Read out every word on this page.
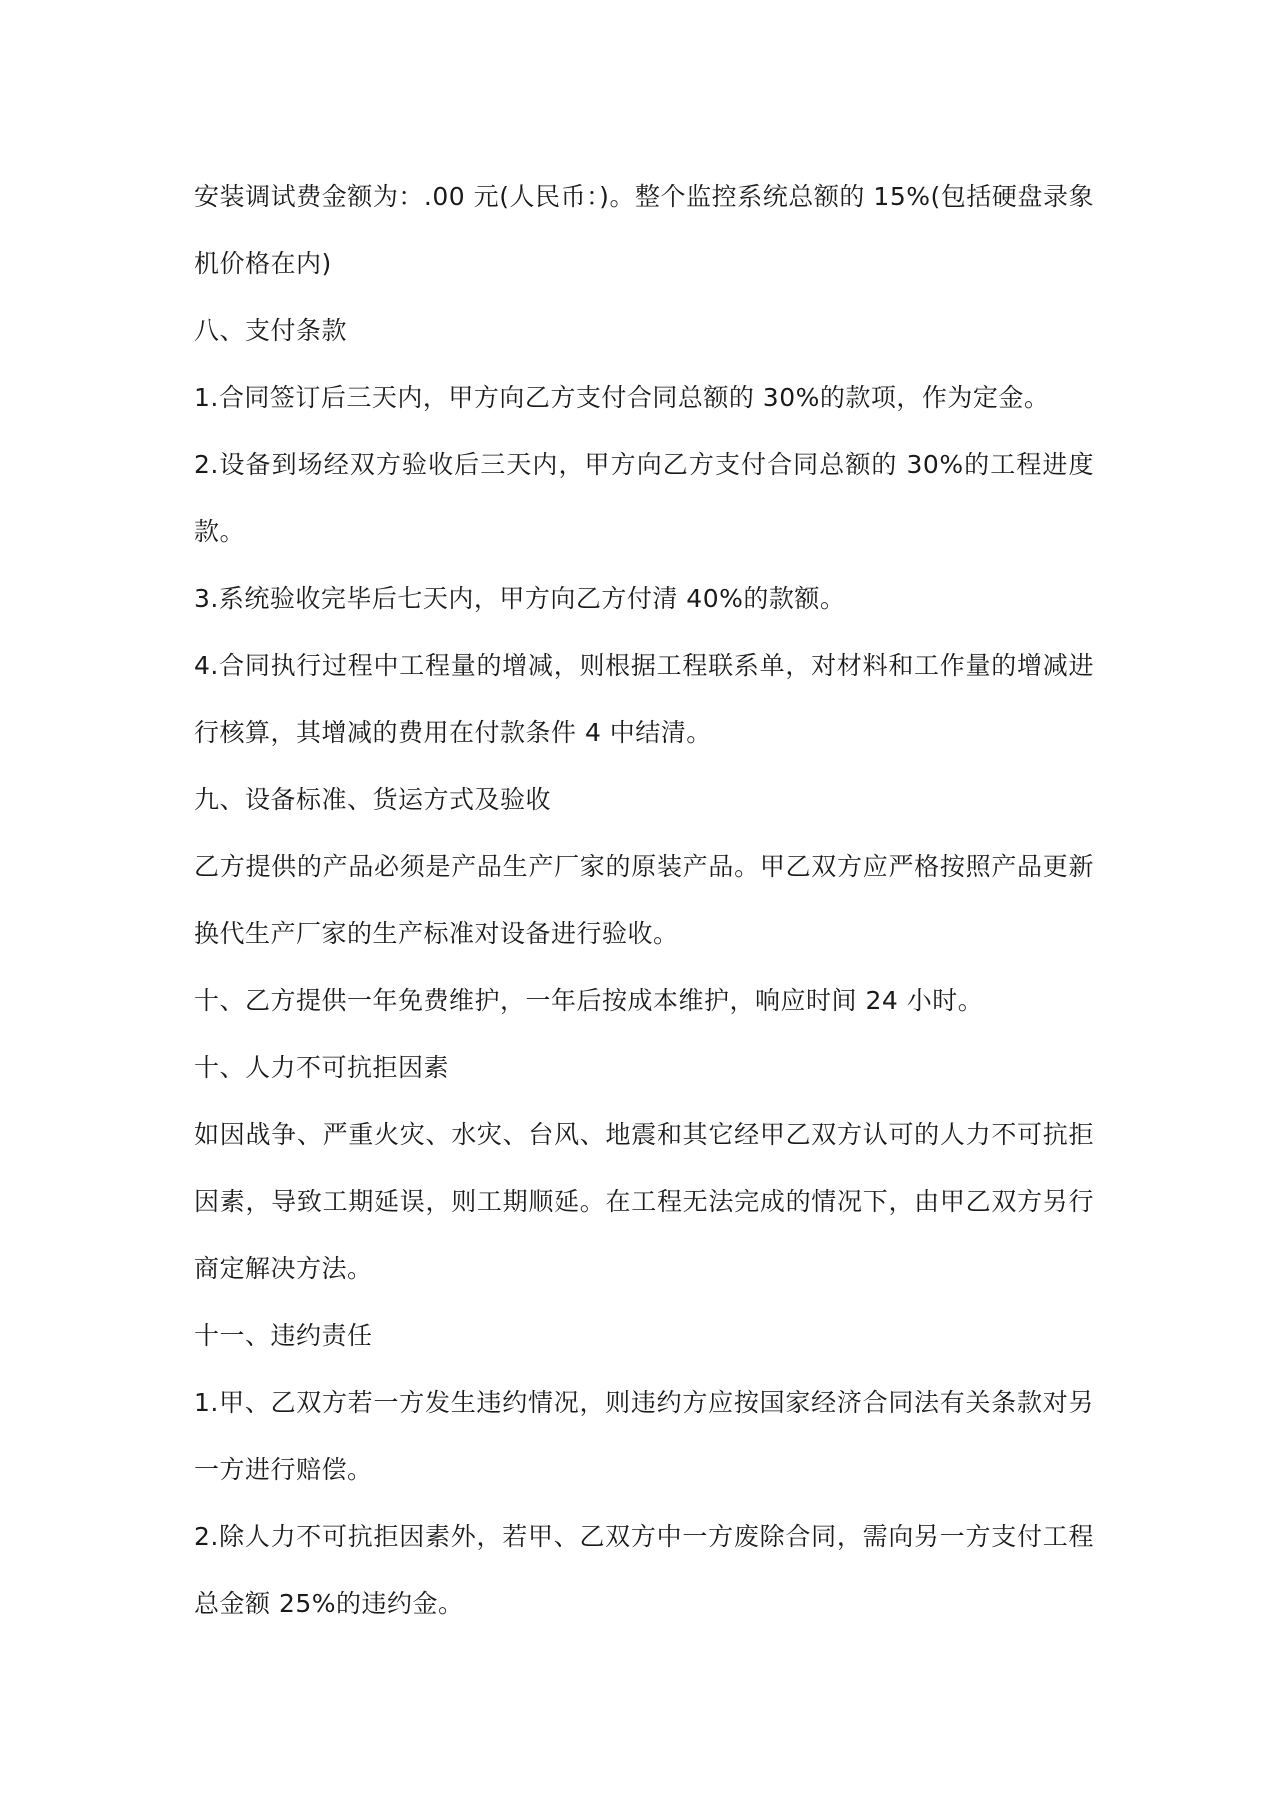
安装调试费金额为：.00 元(人民币：)。整个监控系统总额的 15%(包括硬盘录象机价格在内)

八、支付条款

1.合同签订后三天内，甲方向乙方支付合同总额的 30%的款项，作为定金。

2.设备到场经双方验收后三天内，甲方向乙方支付合同总额的 30%的工程进度款。

3.系统验收完毕后七天内，甲方向乙方付清 40%的款额。

4.合同执行过程中工程量的增减，则根据工程联系单，对材料和工作量的增减进行核算，其增减的费用在付款条件 4 中结清。

九、设备标准、货运方式及验收

乙方提供的产品必须是产品生产厂家的原装产品。甲乙双方应严格按照产品更新换代生产厂家的生产标准对设备进行验收。

十、乙方提供一年免费维护，一年后按成本维护，响应时间 24 小时。

十、人力不可抗拒因素

如因战争、严重火灾、水灾、台风、地震和其它经甲乙双方认可的人力不可抗拒因素，导致工期延误，则工期顺延。在工程无法完成的情况下，由甲乙双方另行商定解决方法。

十一、违约责任

1.甲、乙双方若一方发生违约情况，则违约方应按国家经济合同法有关条款对另一方进行赔偿。

2.除人力不可抗拒因素外，若甲、乙双方中一方废除合同，需向另一方支付工程总金额 25%的违约金。
